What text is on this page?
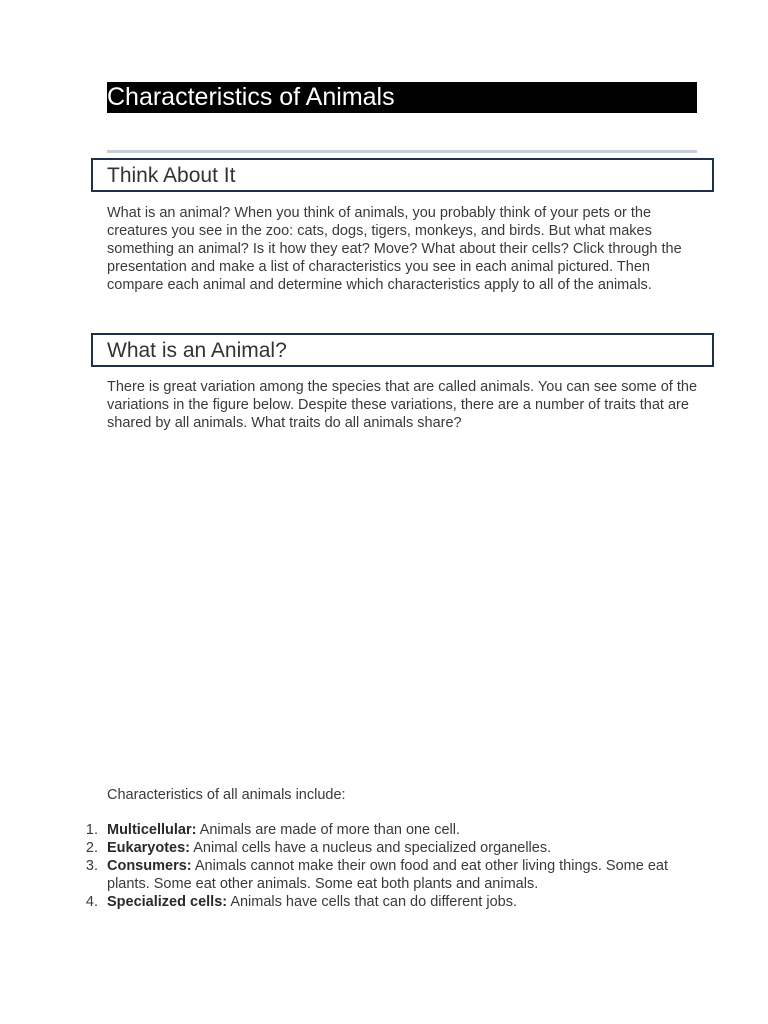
Characteristics of Animals
Think About It

What is an animal? When you think of animals, you probably think of your pets or the creatures you see in the zoo: cats, dogs, tigers, monkeys, and birds. But what makes something an animal? Is it how they eat? Move? What about their cells? Click through the presentation and make a list of characteristics you see in each animal pictured. Then compare each animal and determine which characteristics apply to all of the animals.

What is an Animal?

There is great variation among the species that are called animals. You can see some of the variations in the figure below. Despite these variations, there are a number of traits that are shared by all animals. What traits do all animals share?

Characteristics of all animals include:

1. Multicellular: Animals are made of more than one cell.
2. Eukaryotes: Animal cells have a nucleus and specialized organelles.
3. Consumers: Animals cannot make their own food and eat other living things. Some eat plants. Some eat other animals. Some eat both plants and animals.
4. Specialized cells: Animals have cells that can do different jobs.
